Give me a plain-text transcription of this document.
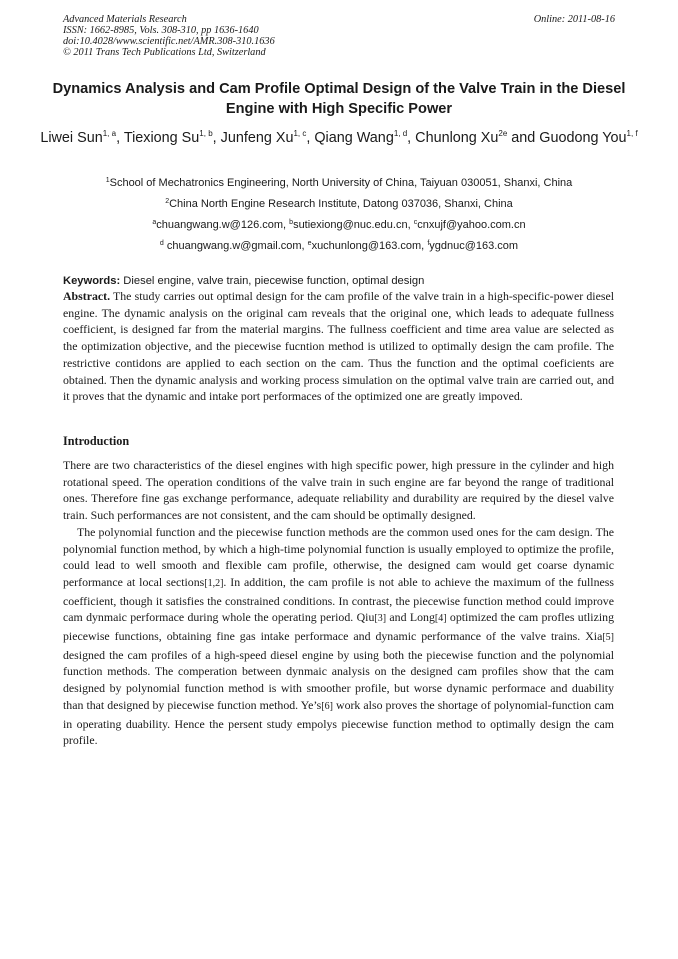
Advanced Materials Research
ISSN: 1662-8985, Vols. 308-310, pp 1636-1640
doi:10.4028/www.scientific.net/AMR.308-310.1636
© 2011 Trans Tech Publications Ltd, Switzerland
Online: 2011-08-16
Dynamics Analysis and Cam Profile Optimal Design of the Valve Train in the Diesel Engine with High Specific Power
Liwei Sun$^{1, a}$, Tiexiong Su$^{1, b}$, Junfeng Xu$^{1, c}$, Qiang Wang$^{1, d}$, Chunlong $Xu^{2e}$ and Guodong You$^{1, f}$
$^1$School of Mechatronics Engineering, North University of China, Taiyuan 030051, Shanxi, China
$^2$China North Engine Research Institute, Datong 037036, Shanxi, China
$^a$chuangwang.w@126.com, $^b$sutiexiong@nuc.edu.cn, $^c$cnxujf@yahoo.com.cn
$^d$ chuangwang.w@gmail.com, $^e$xuchunlong@163.com, $^f$ygdnuc@163.com
Keywords: Diesel engine, valve train, piecewise function, optimal design
Abstract. The study carries out optimal design for the cam profile of the valve train in a high-specific-power diesel engine. The dynamic analysis on the original cam reveals that the original one, which leads to adequate fullness coefficient, is designed far from the material margins. The fullness coefficient and time area value are selected as the optimization objective, and the piecewise fucntion method is utilized to optimally design the cam profile. The restrictive contidons are applied to each section on the cam. Thus the function and the optimal coeficients are obtained. Then the dynamic analysis and working process simulation on the optimal valve train are carried out, and it proves that the dynamic and intake port performaces of the optimized one are greatly impoved.
Introduction

There are two characteristics of the diesel engines with high specific power, high pressure in the cylinder and high rotational speed. The operation conditions of the valve train in such engine are far beyond the range of traditional ones. Therefore fine gas exchange performance, adequate reliability and durability are required by the diesel valve train. Such performances are not consistent, and the cam should be optimally designed.

The polynomial function and the piecewise function methods are the common used ones for the cam design. The polynomial function method, by which a high-time polynomial function is usually employed to optimize the profile, could lead to well smooth and flexible cam profile, otherwise, the designed cam would get coarse dynamic performance at local sections[1,2]. In addition, the cam profile is not able to achieve the maximum of the fullness coefficient, though it satisfies the constrained conditions. In contrast, the piecewise function method could improve cam dynmaic performace during whole the operating period. Qiu[3] and Long[4] optimized the cam profles utlizing piecewise functions, obtaining fine gas intake performace and dynamic performance of the valve trains. Xia[5] designed the cam profiles of a high-speed diesel engine by using both the piecewise function and the polynomial function methods. The comperation between dynmaic analysis on the designed cam profiles show that the cam designed by polynomial function method is with smoother profile, but worse dynamic performace and duability than that designed by piecewise function method. Ye’s[6] work also proves the shortage of polynomial-function cam in operating duability. Hence the persent study empolys piecewise function method to optimally design the cam profile.
